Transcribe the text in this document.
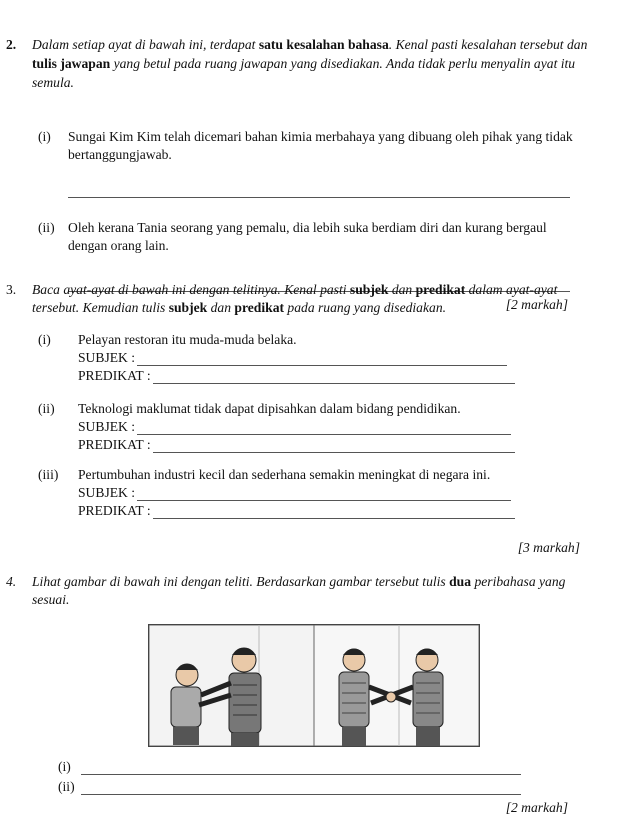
2. Dalam setiap ayat di bawah ini, terdapat satu kesalahan bahasa. Kenal pasti kesalahan tersebut dan
tulis jawapan yang betul pada ruang jawapan yang disediakan. Anda tidak perlu menyalin ayat itu
semula.
(i) Sungai Kim Kim telah dicemari bahan kimia merbahaya yang dibuang oleh pihak yang tidak
bertanggungjawab.
(ii) Oleh kerana Tania seorang yang pemalu, dia lebih suka berdiam diri dan kurang bergaul
dengan orang lain.
[2 markah]
3. Baca ayat-ayat di bawah ini dengan telitinya. Kenal pasti subjek dan predikat dalam ayat-ayat
tersebut. Kemudian tulis subjek dan predikat pada ruang yang disediakan.
(i) Pelayan restoran itu muda-muda belaka.
SUBJEK :
PREDIKAT :
(ii) Teknologi maklumat tidak dapat dipisahkan dalam bidang pendidikan.
SUBJEK :
PREDIKAT :
(iii) Pertumbuhan industri kecil dan sederhana semakin meningkat di negara ini.
SUBJEK :
PREDIKAT :
[3 markah]
4. Lihat gambar di bawah ini dengan teliti. Berdasarkan gambar tersebut tulis dua peribahasa yang
sesuai.
(i)
(ii)
[2 markah]
